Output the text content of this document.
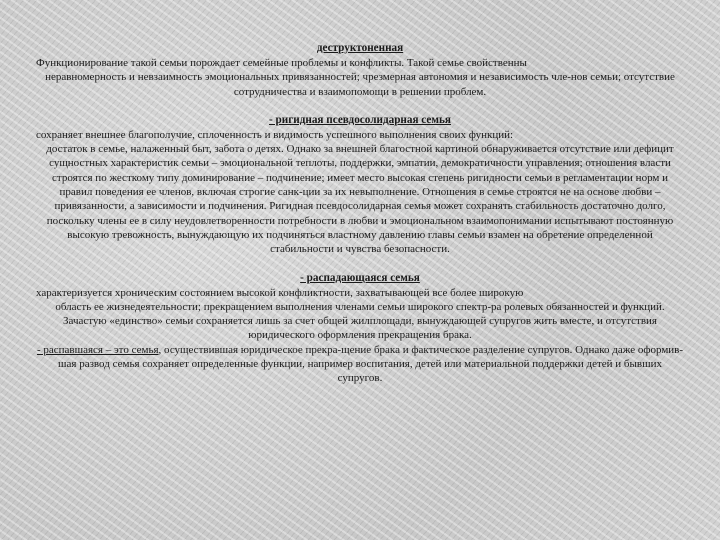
деструктоненная

Функционирование такой семьи порождает семейные проблемы и конфликты. Такой семье свойственны
неравномерность и невзаимность эмоциональных привязанностей; чрезмерная автономия и независимость чле-нов семьи; отсутствие сотрудничества и взаимопомощи в решении проблем.

- ригидная псевдосолидарная семья

сохраняет внешнее благополучие, сплоченность и видимость успешного выполнения своих функций:
достаток в семье, налаженный быт, забота о детях. Однако за внешней благостной картиной обнаруживается отсутствие или дефицит сущностных характеристик семьи – эмоциональной теплоты, поддержки, эмпатии, демократичности управления; отношения власти строятся по жесткому типу доминирование – подчинение; имеет место высокая степень ригидности семьи в регламентации норм и правил поведения ее членов, включая строгие санк-ции за их невыполнение. Отношения в семье строятся не на основе любви – привязанности, а зависимости и подчинения. Ригидная псевдосолидарная семья может сохранять стабильность достаточно долго, поскольку члены ее в силу неудовлетворенности потребности в любви и эмоциональном взаимопонимании испытывают постоянную высокую тревожность, вынуждающую их подчиняться властному давлению главы семьи взамен на обретение определенной стабильности и чувства безопасности.

- распадающаяся семья

характеризуется хроническим состоянием высокой конфликтности, захватывающей все более широкую
область ее жизнедеятельности; прекращением выполнения членами семьи широкого спектр-ра ролевых обязанностей и функций. Зачастую «единство» семьи сохраняется лишь за счет общей жилплощади, вынуждающей супругов жить вместе, и отсутствия юридического оформления прекращения брака.

- распавшаяся – это семья, осуществившая юридическое прекра-щение брака и фактическое разделение супругов. Однако даже оформив-шая развод семья сохраняет определенные функции, например воспитания, детей или материальной поддержки детей и бывших супругов.
